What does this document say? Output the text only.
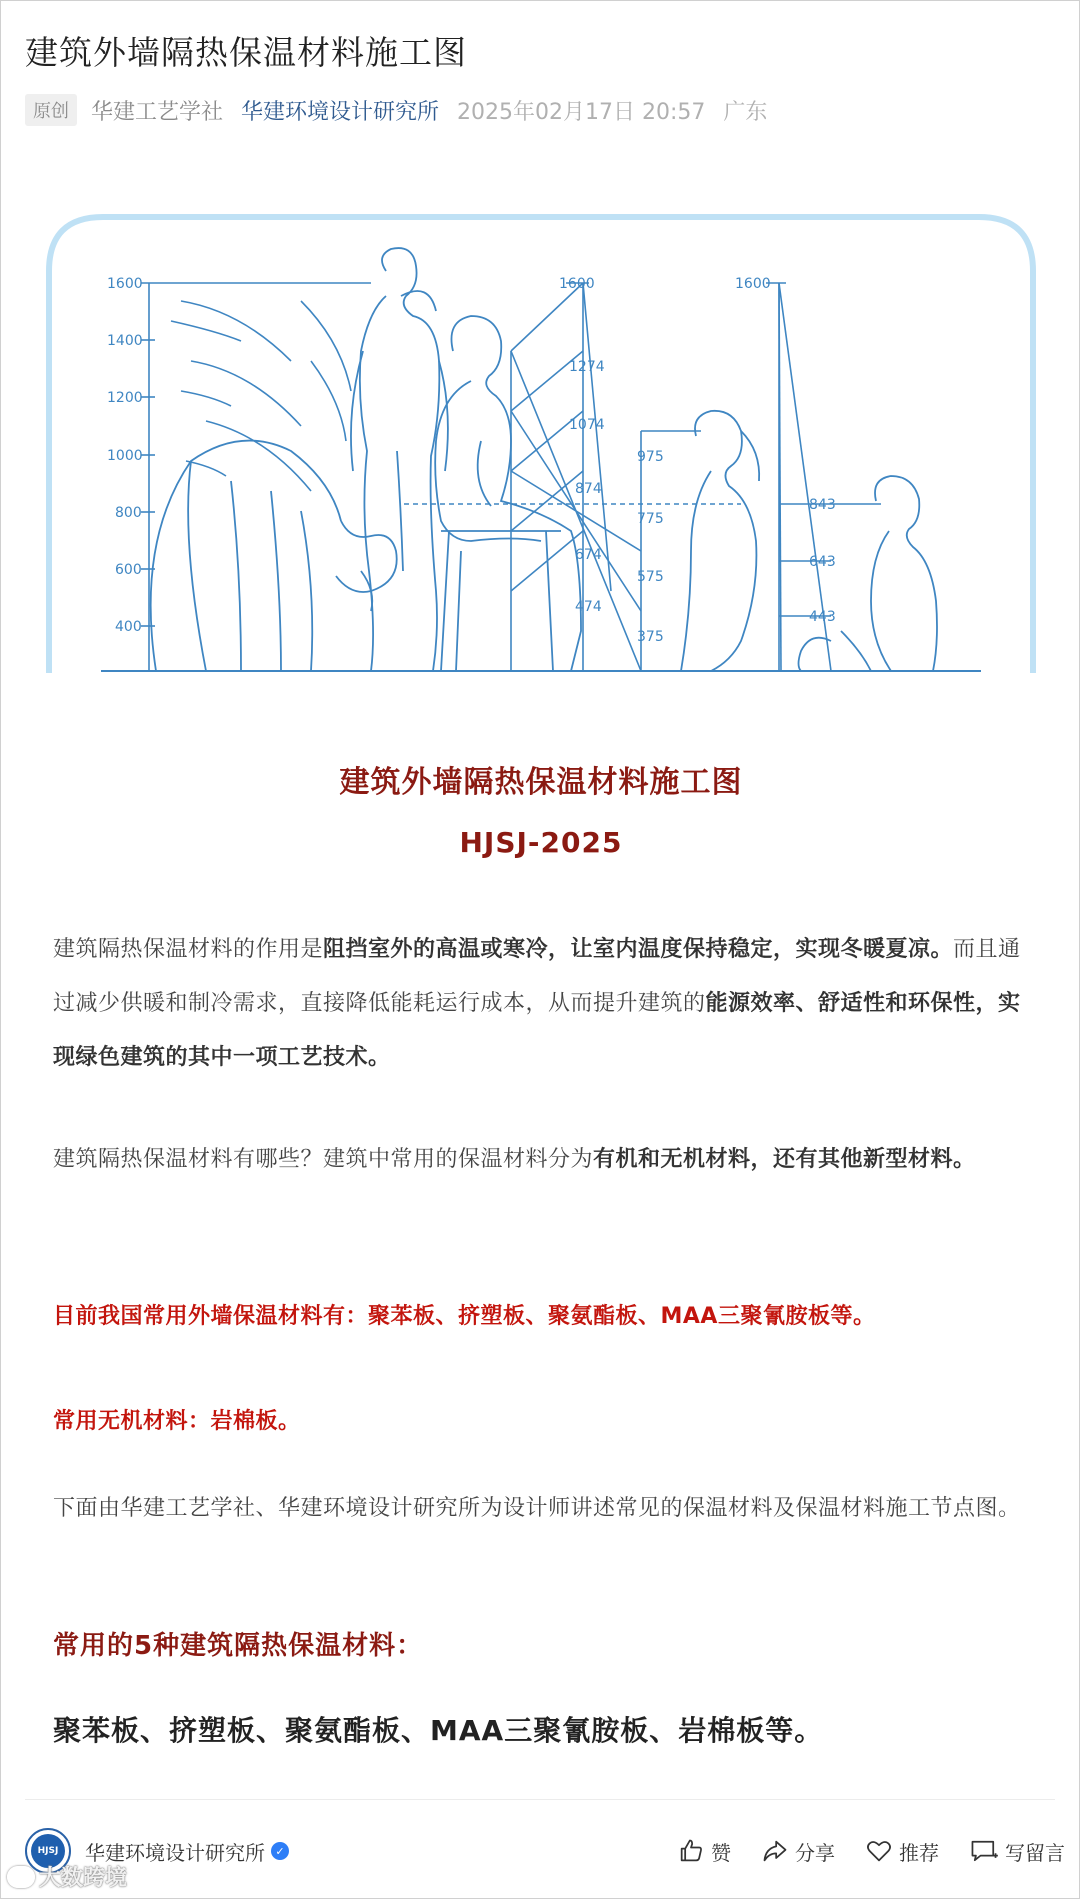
建筑外墙隔热保温材料施工图
原创	华建工艺学社 华建环境设计研究所 2025年02月17日 20:57 广东
1600
1400
1200
1000
800
600
400
1600
1274
1074
874
674
474
975
775
575
375
1600
843
643
443
建筑外墙隔热保温材料施工图
HJSJ-2025
建筑隔热保温材料的作用是阻挡室外的高温或寒冷，让室内温度保持稳定，实现冬暖夏凉。而且通过减少供暖和制冷需求，直接降低能耗运行成本，从而提升建筑的能源效率、舒适性和环保性，实现绿色建筑的其中一项工艺技术。
建筑隔热保温材料有哪些？建筑中常用的保温材料分为有机和无机材料，还有其他新型材料。
目前我国常用外墙保温材料有：聚苯板、挤塑板、聚氨酯板、MAA三聚氰胺板等。
常用无机材料：岩棉板。
下面由华建工艺学社、华建环境设计研究所为设计师讲述常见的保温材料及保温材料施工节点图。
常用的5种建筑隔热保温材料：
聚苯板、挤塑板、聚氨酯板、MAA三聚氰胺板、岩棉板等。
HJSJ	华建环境设计研究所 ✓	赞	分享	推荐	写留言
大数跨境
